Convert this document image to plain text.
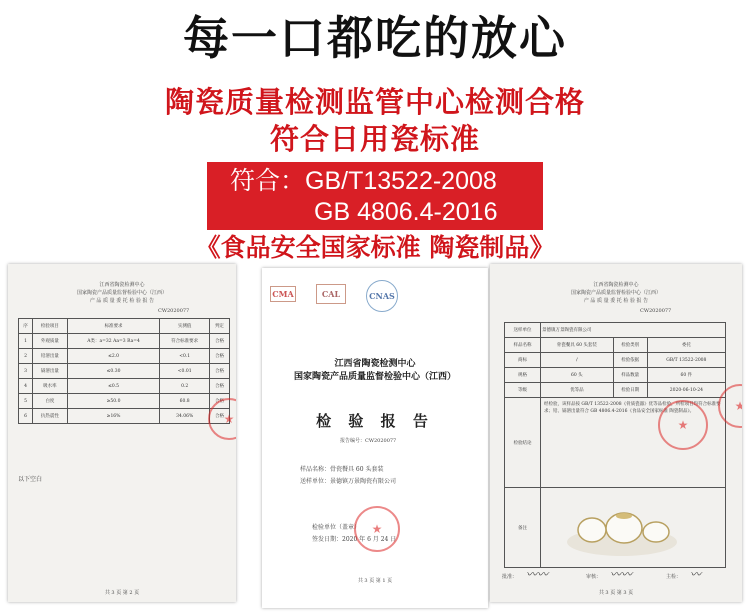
每一口都吃的放心
陶瓷质量检测监管中心检测合格
符合日用瓷标准
符合：GB/T13522-2008
GB 4806.4-2016
《食品安全国家标准 陶瓷制品》
江西省陶瓷检测中心
国家陶瓷产品质量监督检验中心（江西）
产 品 质 量 委 托 检 验 报 告
CW2020077
序	检验项目	标准要求	实测值	判定
1	外观质量	A类：a=32 Aa=3 Ra=4	符合标准要求	合格
2	铅溶出量	≤2.0	<0.1	合格
3	镉溶出量	≤0.30	<0.01	合格
4	吸水率	≤0.5	0.2	合格
5	白度	≥50.0	60.8	合格
6	抗热震性	≥16%	34.06%	合格
以下空白
★
共 3 页 第 2 页
CMA	CAL	CNAS
江西省陶瓷检测中心
国家陶瓷产品质量监督检验中心（江西）
检 验 报 告
报告编号：CW2020077
样品名称：骨瓷餐具 60 头套装
送样单位：景德镇万景陶瓷有限公司
检验单位（盖章）
签发日期：2020 年 6 月 24 日
★
共 3 页 第 1 页
江西省陶瓷检测中心
国家陶瓷产品质量监督检验中心（江西）
产 品 质 量 委 托 检 验 报 告
CW2020077
送样单位	景德镇万景陶瓷有限公司		
样品名称	骨瓷餐具 60 头套装	检验类别	委托
商标	/	检验依据	GB/T 13522-2008
规格	60 头	样品数量	60 件
等级	优等品	检验日期	2020-06-10-24
检验结论	经检验，该样品按 GB/T 13522-2008《骨质瓷器》优等品检验，所检项目均符合标准要求；铅、镉溶出量符合 GB 4806.4-2016《食品安全国家标准 陶瓷制品》。		
备注			
★
★
批准： 〰〰	审核： 〰〰	主检： 〰
共 3 页 第 3 页
